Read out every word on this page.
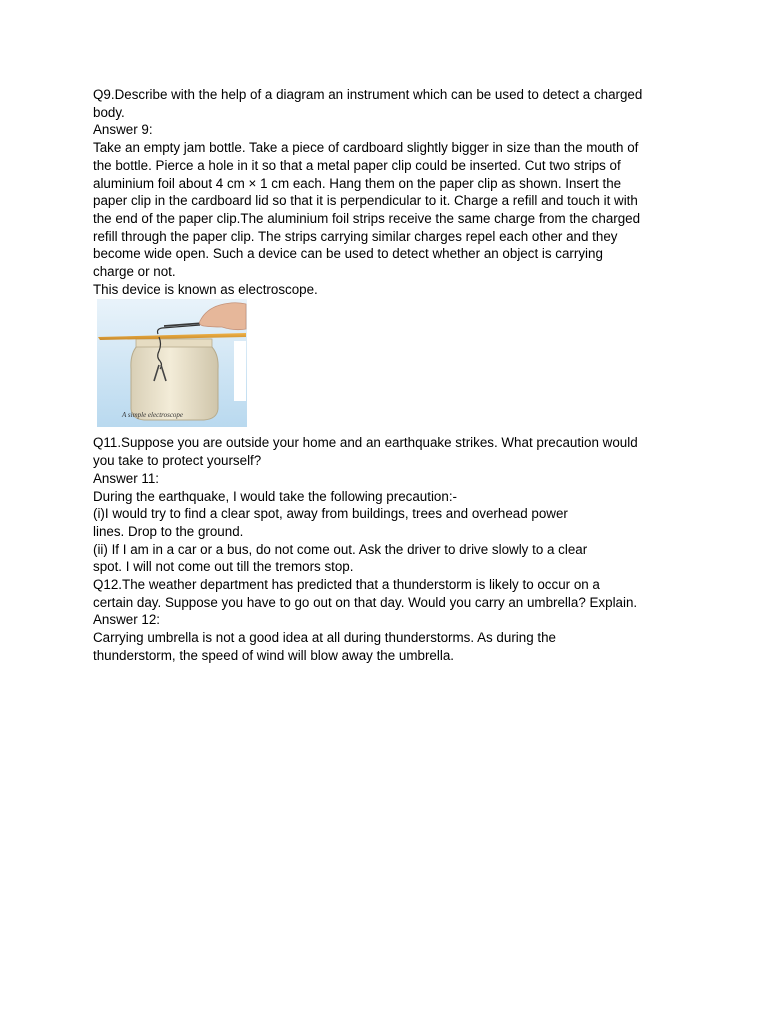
Q9.Describe with the help of a diagram an instrument which can be used to detect a charged
body.
Answer 9:
Take an empty jam bottle. Take a piece of cardboard slightly bigger in size than the mouth of
the bottle. Pierce a hole in it so that a metal paper clip could be inserted. Cut two strips of
aluminium foil about 4 cm × 1 cm each. Hang them on the paper clip as shown. Insert the
paper clip in the cardboard lid so that it is perpendicular to it. Charge a refill and touch it with
the end of the paper clip.The aluminium foil strips receive the same charge from the charged
refill through the paper clip. The strips carrying similar charges repel each other and they
become wide open. Such a device can be used to detect whether an object is carrying
charge or not.
This device is known as electroscope.
A simple electroscope
Q11.Suppose you are outside your home and an earthquake strikes. What precaution would
you take to protect yourself?
Answer 11:
During the earthquake, I would take the following precaution:-
(i)I would try to find a clear spot, away from buildings, trees and overhead power
lines. Drop to the ground.
(ii) If I am in a car or a bus, do not come out. Ask the driver to drive slowly to a clear
spot. I will not come out till the tremors stop.
Q12.The weather department has predicted that a thunderstorm is likely to occur on a
certain day. Suppose you have to go out on that day. Would you carry an umbrella? Explain.
Answer 12:
Carrying umbrella is not a good idea at all during thunderstorms. As during the
thunderstorm, the speed of wind will blow away the umbrella.
